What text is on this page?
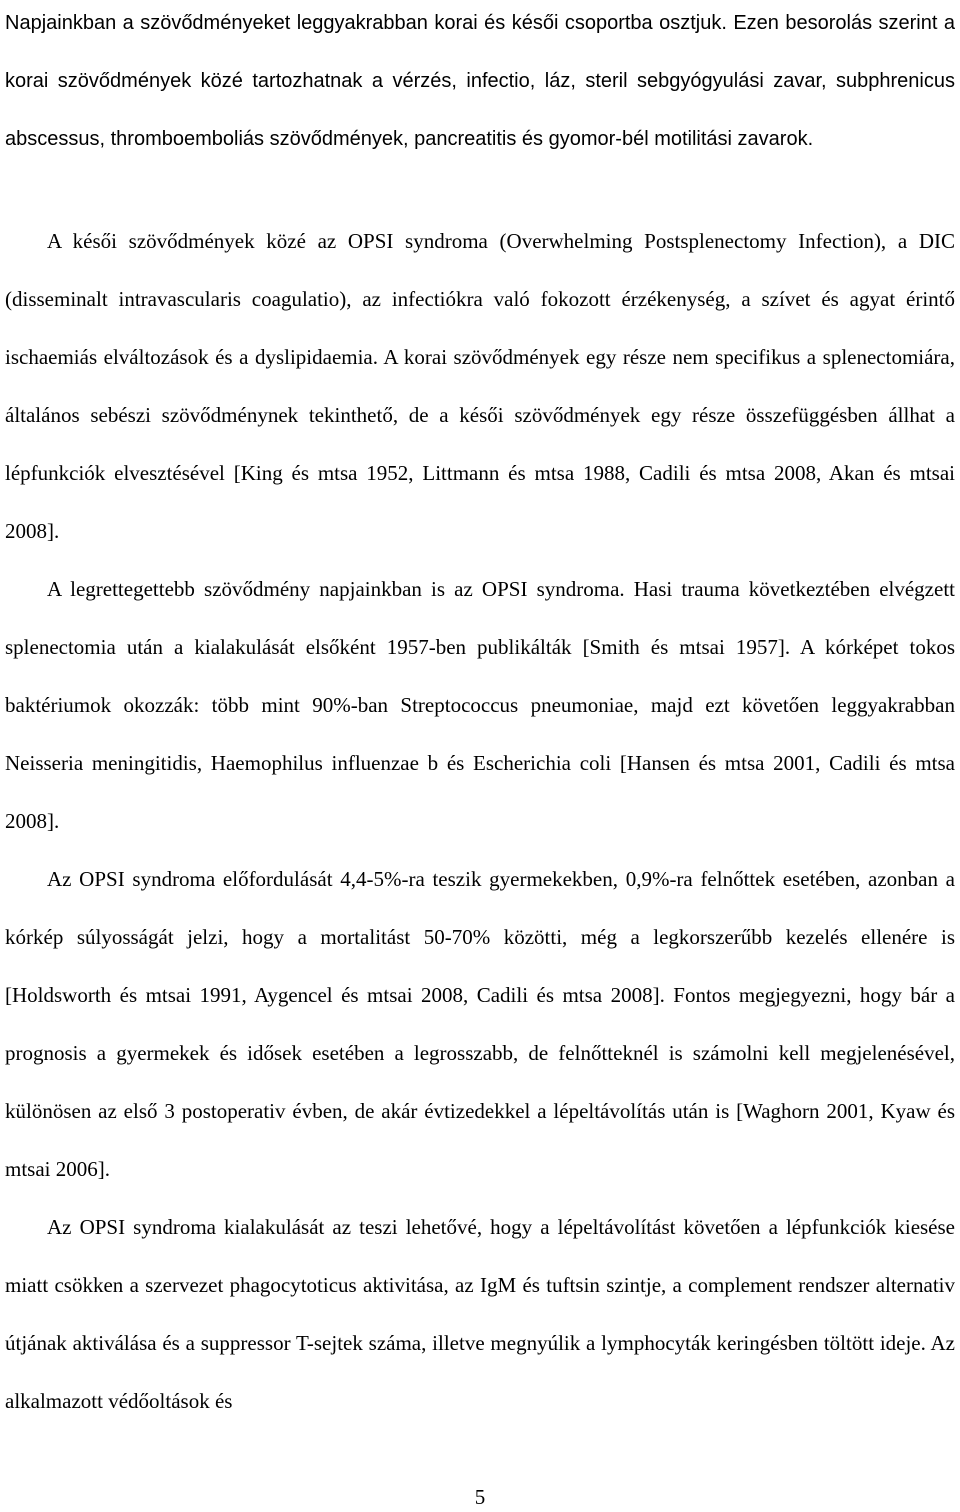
Napjainkban a szövődményeket leggyakrabban korai és késői csoportba osztjuk. Ezen besorolás szerint a korai szövődmények közé tartozhatnak a vérzés, infectio, láz, steril sebgyógyulási zavar, subphrenicus abscessus, thromboemboliás szövődmények, pancreatitis és gyomor-bél motilitási zavarok.

A késői szövődmények közé az OPSI syndroma (Overwhelming Postsplenectomy Infection), a DIC (disseminalt intravascularis coagulatio), az infectiókra való fokozott érzékenység, a szívet és agyat érintő ischaemiás elváltozások és a dyslipidaemia. A korai szövődmények egy része nem specifikus a splenectomiára, általános sebészi szövődménynek tekinthető, de a késői szövődmények egy része összefüggésben állhat a lépfunkciók elvesztésével [King és mtsa 1952, Littmann és mtsa 1988, Cadili és mtsa 2008, Akan és mtsai 2008].
A legrettegettebb szövődmény napjainkban is az OPSI syndroma. Hasi trauma következtében elvégzett splenectomia után a kialakulását elsőként 1957-ben publikálták [Smith és mtsai 1957]. A kórképet tokos baktériumok okozzák: több mint 90%-ban Streptococcus pneumoniae, majd ezt követően leggyakrabban Neisseria meningitidis, Haemophilus influenzae b és Escherichia coli [Hansen és mtsa 2001, Cadili és mtsa 2008].
Az OPSI syndroma előfordulását 4,4-5%-ra teszik gyermekekben, 0,9%-ra felnőttek esetében, azonban a kórkép súlyosságát jelzi, hogy a mortalitást 50-70% közötti, még a legkorszerűbb kezelés ellenére is [Holdsworth és mtsai 1991, Aygencel és mtsai 2008, Cadili és mtsa 2008]. Fontos megjegyezni, hogy bár a prognosis a gyermekek és idősek esetében a legrosszabb, de felnőtteknél is számolni kell megjelenésével, különösen az első 3 postoperativ évben, de akár évtizedekkel a lépeltávolítás után is [Waghorn 2001, Kyaw és mtsai 2006].
Az OPSI syndroma kialakulását az teszi lehetővé, hogy a lépeltávolítást követően a lépfunkciók kiesése miatt csökken a szervezet phagocytoticus aktivitása, az IgM és tuftsin szintje, a complement rendszer alternativ útjának aktiválása és a suppressor T-sejtek száma, illetve megnyúlik a lymphocyták keringésben töltött ideje. Az alkalmazott védőoltások és
5
